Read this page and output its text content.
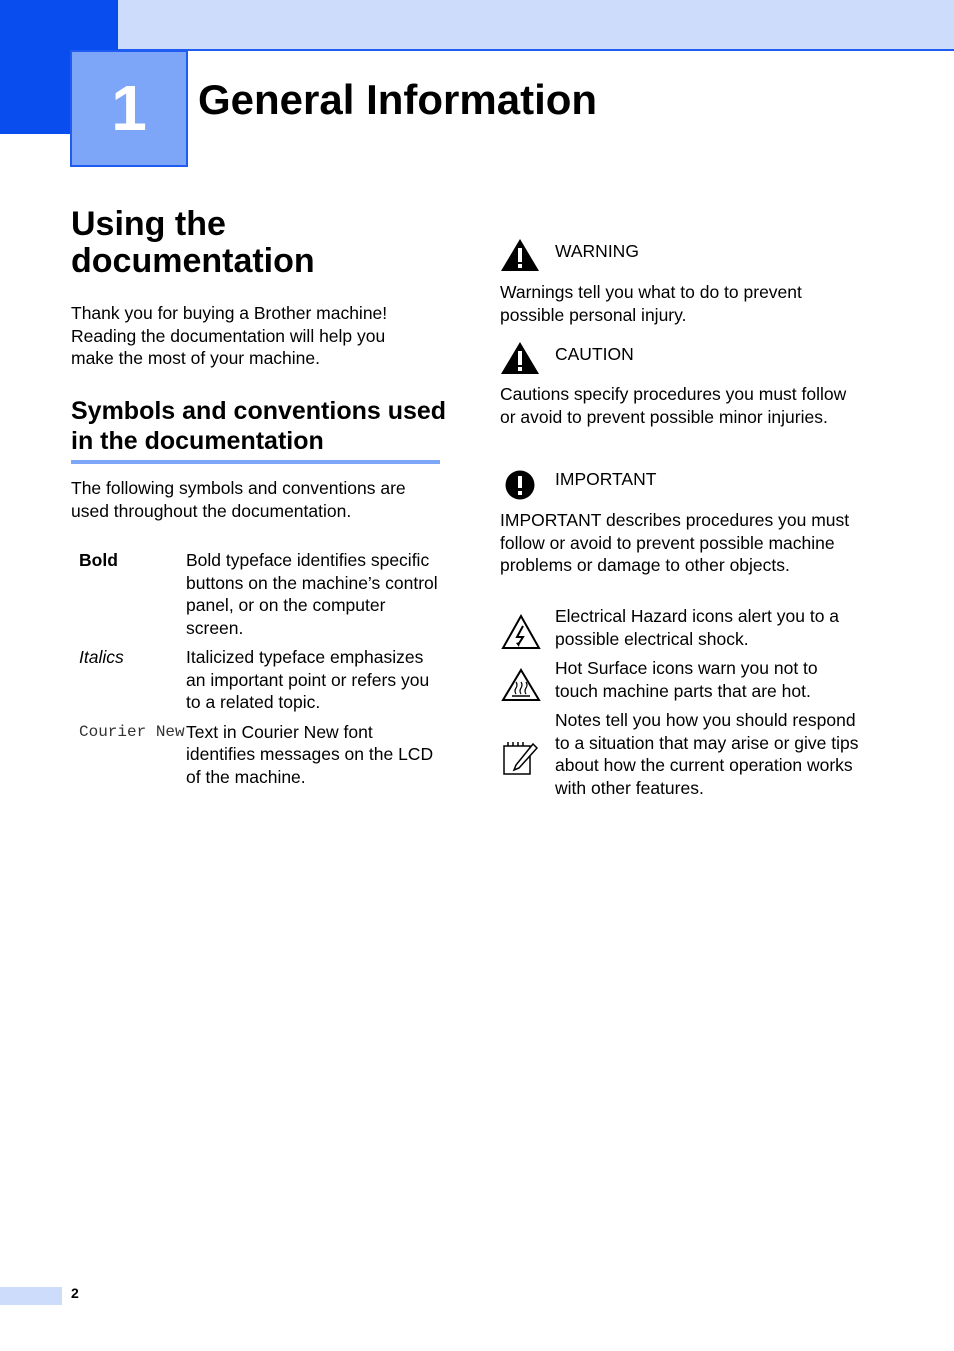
1	General Information
Using the documentation

Thank you for buying a Brother machine! Reading the documentation will help you make the most of your machine.

Symbols and conventions used in the documentation

The following symbols and conventions are used throughout the documentation.

Bold	Bold typeface identifies specific buttons on the machine’s control panel, or on the computer screen.
Italics	Italicized typeface emphasizes an important point or refers you to a related topic.
Courier New	Text in Courier New font identifies messages on the LCD of the machine.

WARNING

Warnings tell you what to do to prevent possible personal injury.

CAUTION

Cautions specify procedures you must follow or avoid to prevent possible minor injuries.

IMPORTANT

IMPORTANT describes procedures you must follow or avoid to prevent possible machine problems or damage to other objects.

Electrical Hazard icons alert you to a possible electrical shock.

Hot Surface icons warn you not to touch machine parts that are hot.

Notes tell you how you should respond to a situation that may arise or give tips about how the current operation works with other features.

2
